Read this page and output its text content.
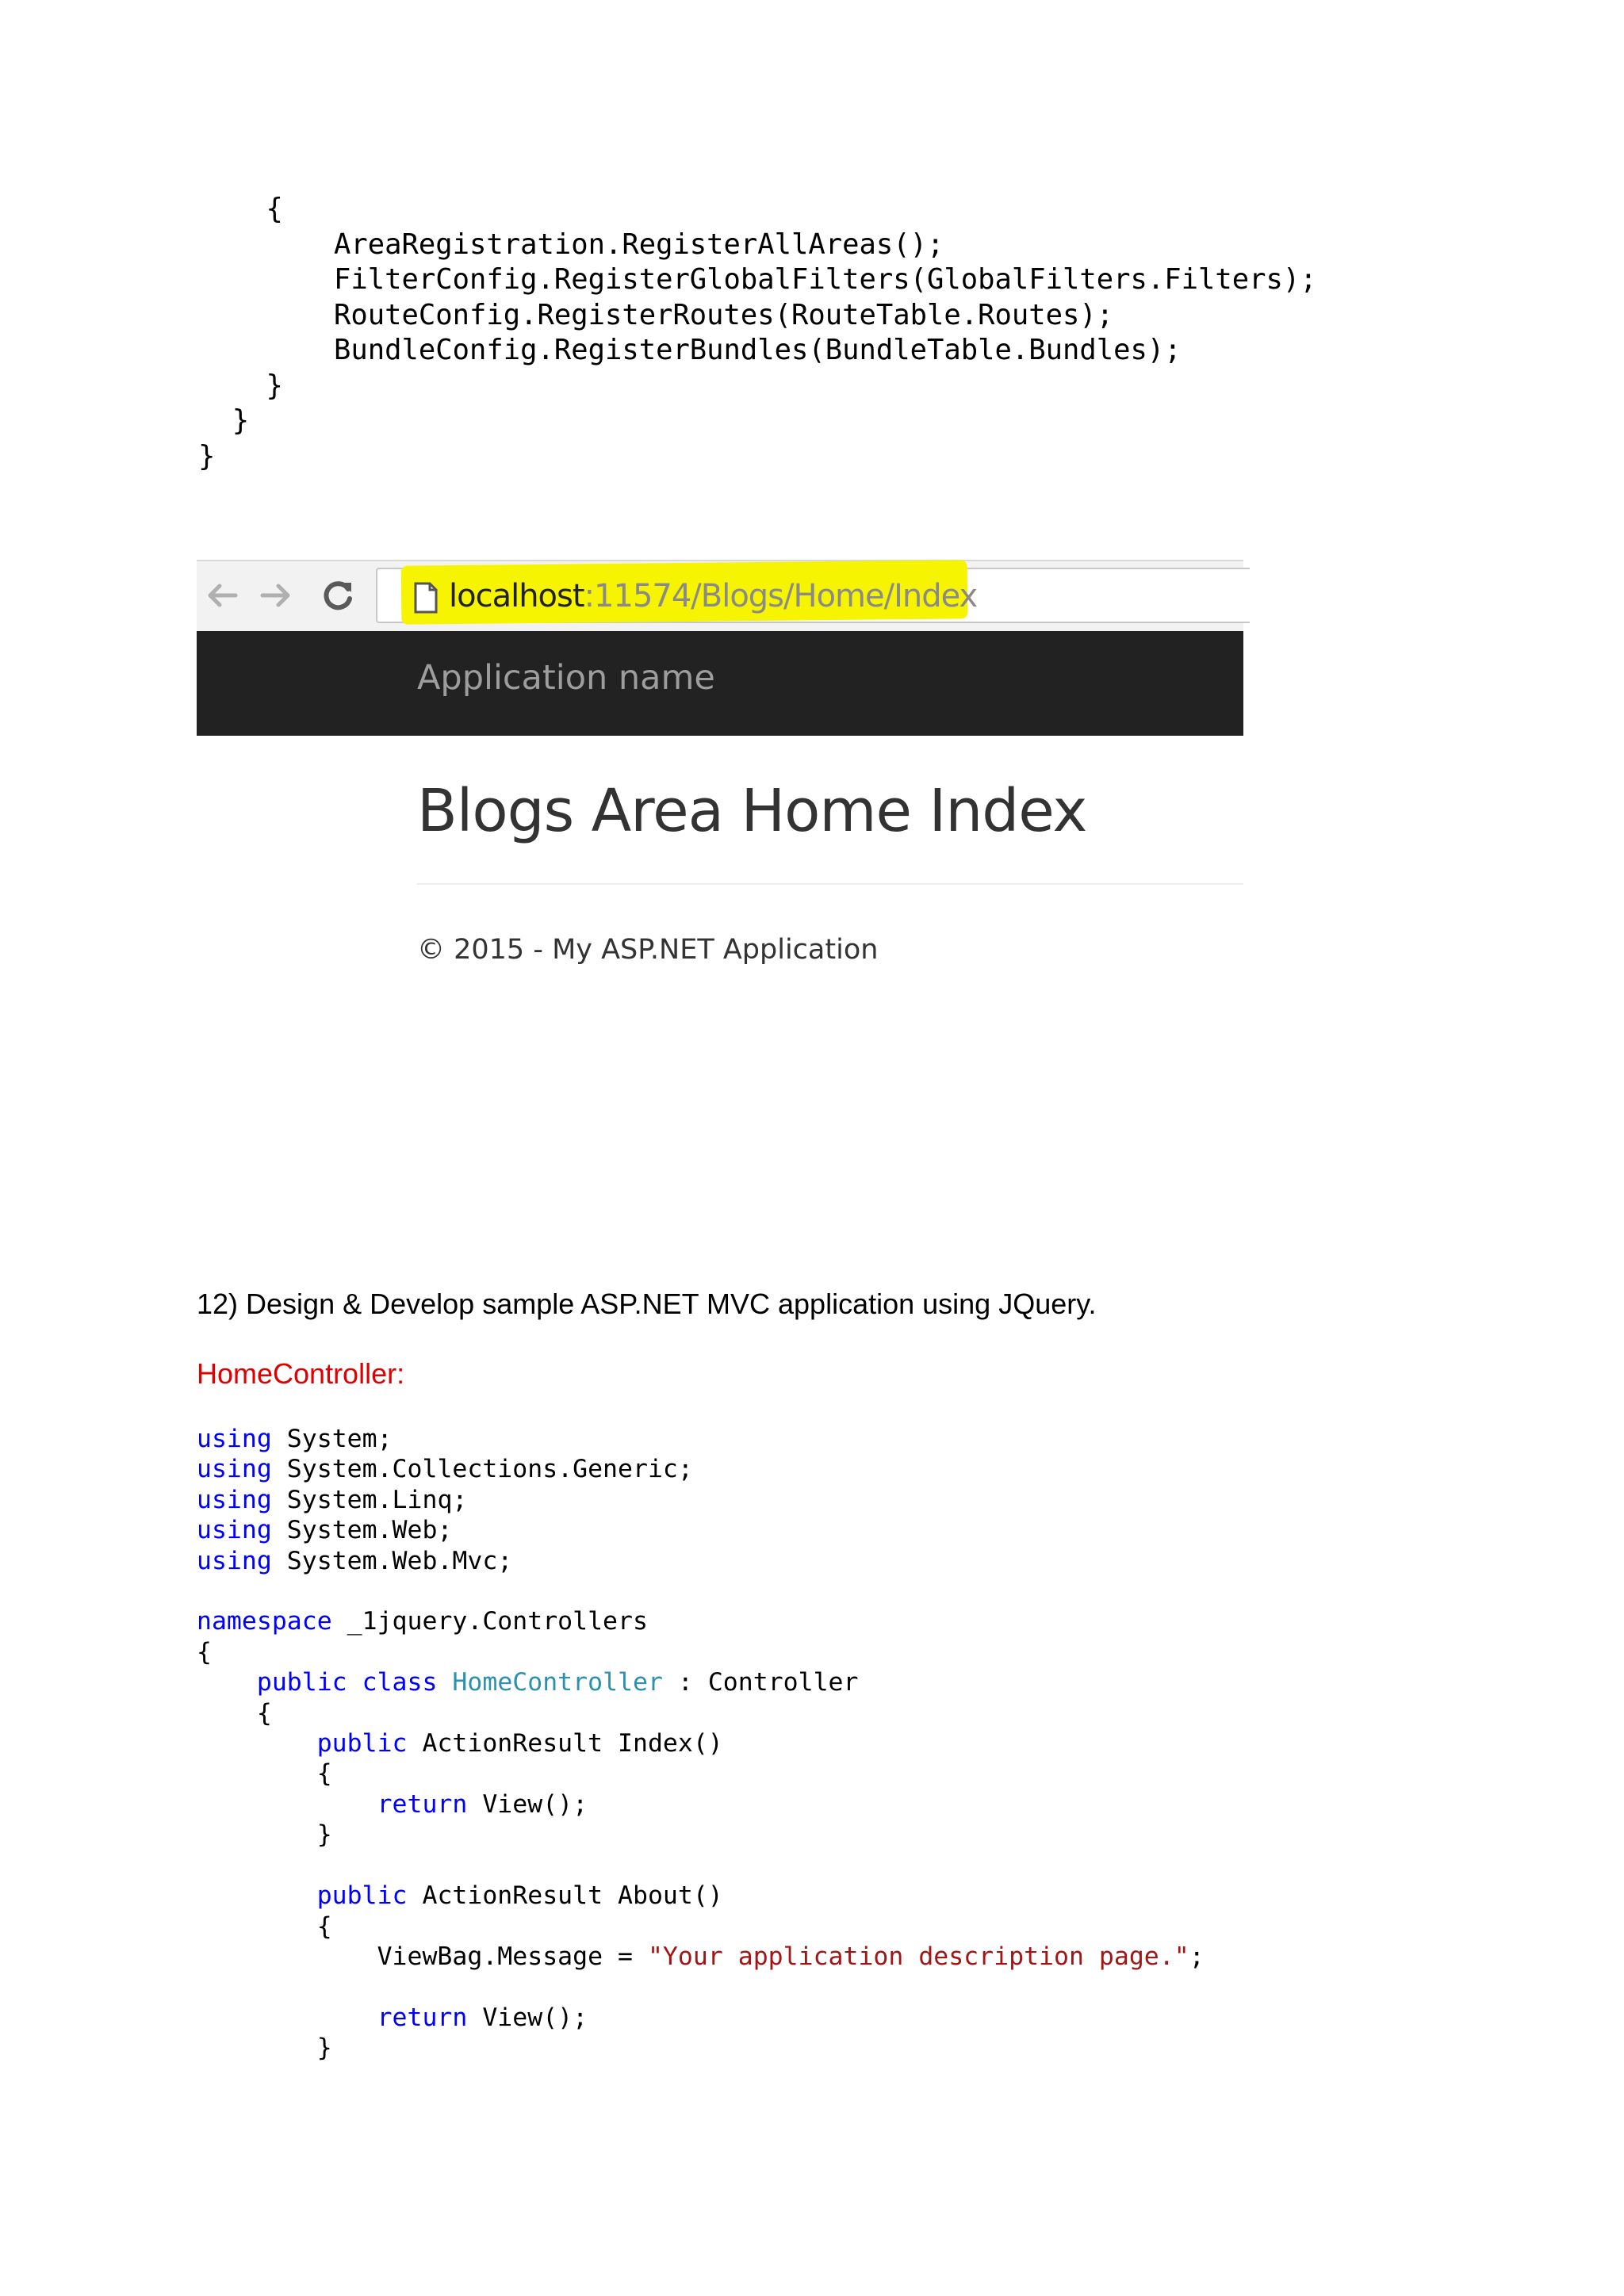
{
AreaRegistration.RegisterAllAreas();
FilterConfig.RegisterGlobalFilters(GlobalFilters.Filters);
RouteConfig.RegisterRoutes(RouteTable.Routes);
BundleConfig.RegisterBundles(BundleTable.Bundles);
}
}
}
localhost:11574/Blogs/Home/Index
Application name
Blogs Area Home Index
© 2015 - My ASP.NET Application
12) Design & Develop sample ASP.NET MVC application using JQuery.
HomeController:
using System;
using System.Collections.Generic;
using System.Linq;
using System.Web;
using System.Web.Mvc;

namespace _1jquery.Controllers
{
public class HomeController : Controller
{
public ActionResult Index()
{
return View();
}

public ActionResult About()
{
ViewBag.Message = "Your application description page.";

return View();
}
